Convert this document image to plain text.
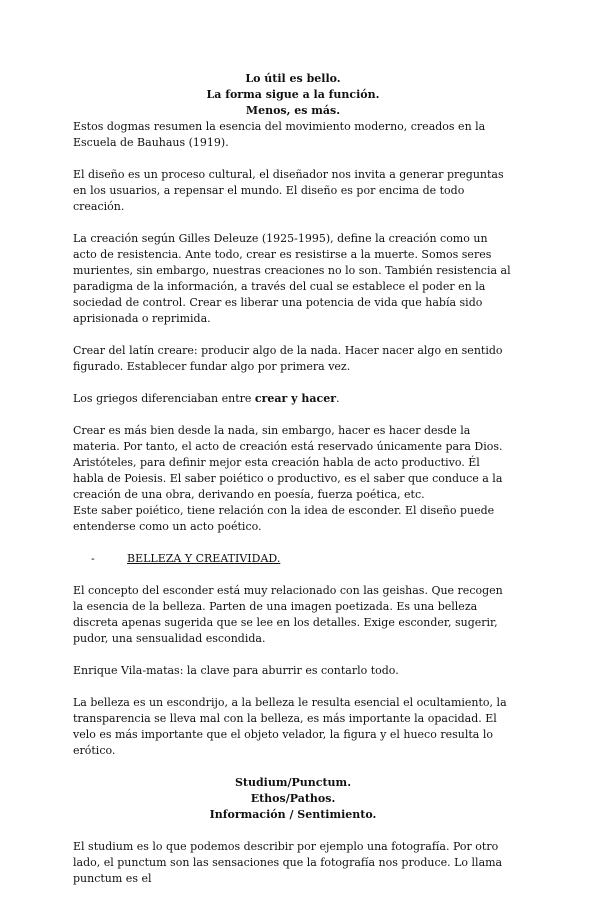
Lo útil es bello.
La forma sigue a la función.
Menos, es más.

Estos dogmas resumen la esencia del movimiento moderno, creados en la Escuela de Bauhaus (1919).

El diseño es un proceso cultural, el diseñador nos invita a generar preguntas en los usuarios, a repensar el mundo. El diseño es por encima de todo creación.

La creación según Gilles Deleuze (1925-1995), define la creación como un acto de resistencia. Ante todo, crear es resistirse a la muerte. Somos seres murientes, sin embargo, nuestras creaciones no lo son. También resistencia al paradigma de la información, a través del cual se establece el poder en la sociedad de control. Crear es liberar una potencia de vida que había sido aprisionada o reprimida.

Crear del latín creare: producir algo de la nada. Hacer nacer algo en sentido figurado. Establecer fundar algo por primera vez.

Los griegos diferenciaban entre crear y hacer.

Crear es más bien desde la nada, sin embargo, hacer es hacer desde la materia. Por tanto, el acto de creación está reservado únicamente para Dios. Aristóteles, para definir mejor esta creación habla de acto productivo. Él habla de Poiesis. El saber poiético o productivo, es el saber que conduce a la creación de una obra, derivando en poesía, fuerza poética, etc.

Este saber poiético, tiene relación con la idea de esconder. El diseño puede entenderse como un acto poético.

-	BELLEZA Y CREATIVIDAD.

El concepto del esconder está muy relacionado con las geishas. Que recogen la esencia de la belleza. Parten de una imagen poetizada. Es una belleza discreta apenas sugerida que se lee en los detalles. Exige esconder, sugerir, pudor, una sensualidad escondida.

Enrique Vila-matas: la clave para aburrir es contarlo todo.

La belleza es un escondrijo, a la belleza le resulta esencial el ocultamiento, la transparencia se lleva mal con la belleza, es más importante la opacidad. El velo es más importante que el objeto velador, la figura y el hueco resulta lo erótico.

Studium/Punctum.
Ethos/Pathos.
Información / Sentimiento.

El studium es lo que podemos describir por ejemplo una fotografía. Por otro lado, el punctum son las sensaciones que la fotografía nos produce. Lo llama punctum es el
